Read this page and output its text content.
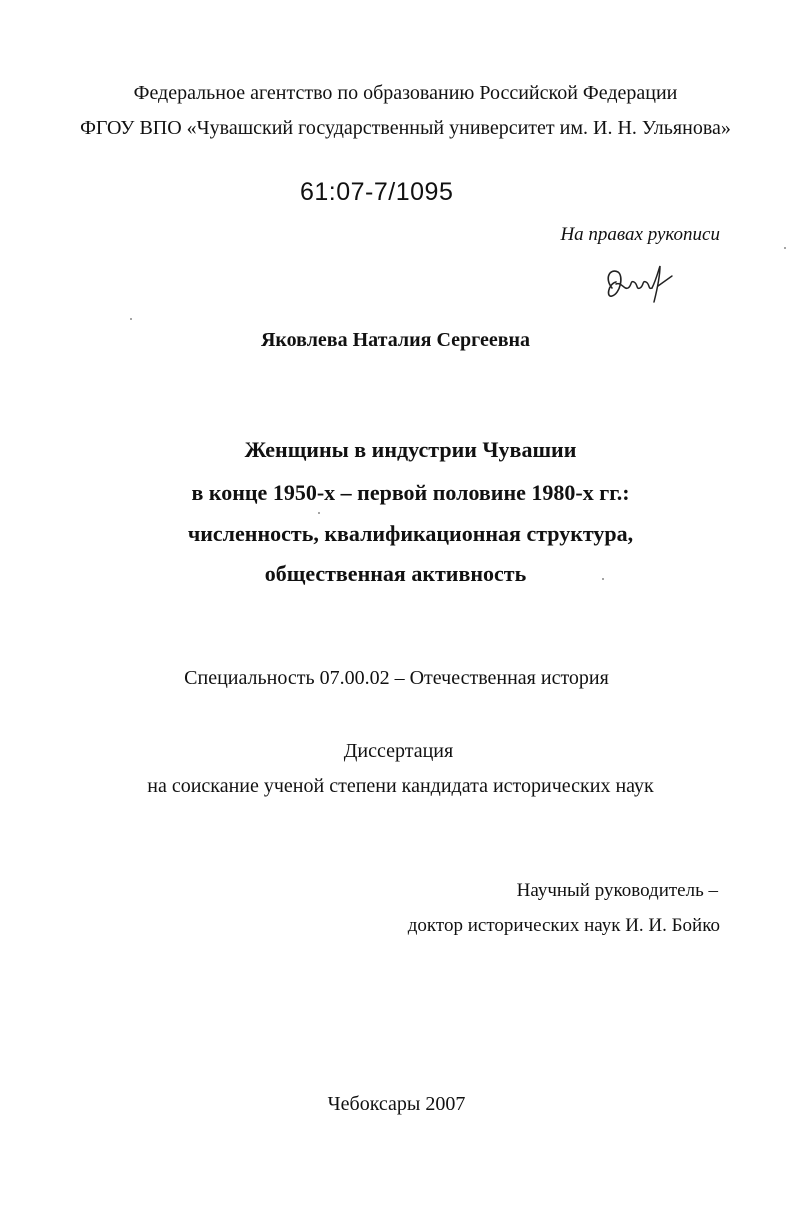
Федеральное агентство по образованию Российской Федерации
ФГОУ ВПО «Чувашский государственный университет им. И. Н. Ульянова»
61:07-7/1095
На правах рукописи
Яковлева Наталия Сергеевна
Женщины в индустрии Чувашии
в конце 1950-х – первой половине 1980-х гг.:
численность, квалификационная структура,
общественная активность
Специальность 07.00.02 – Отечественная история
Диссертация
на соискание ученой степени кандидата исторических наук
Научный руководитель –
доктор исторических наук И. И. Бойко
Чебоксары 2007
